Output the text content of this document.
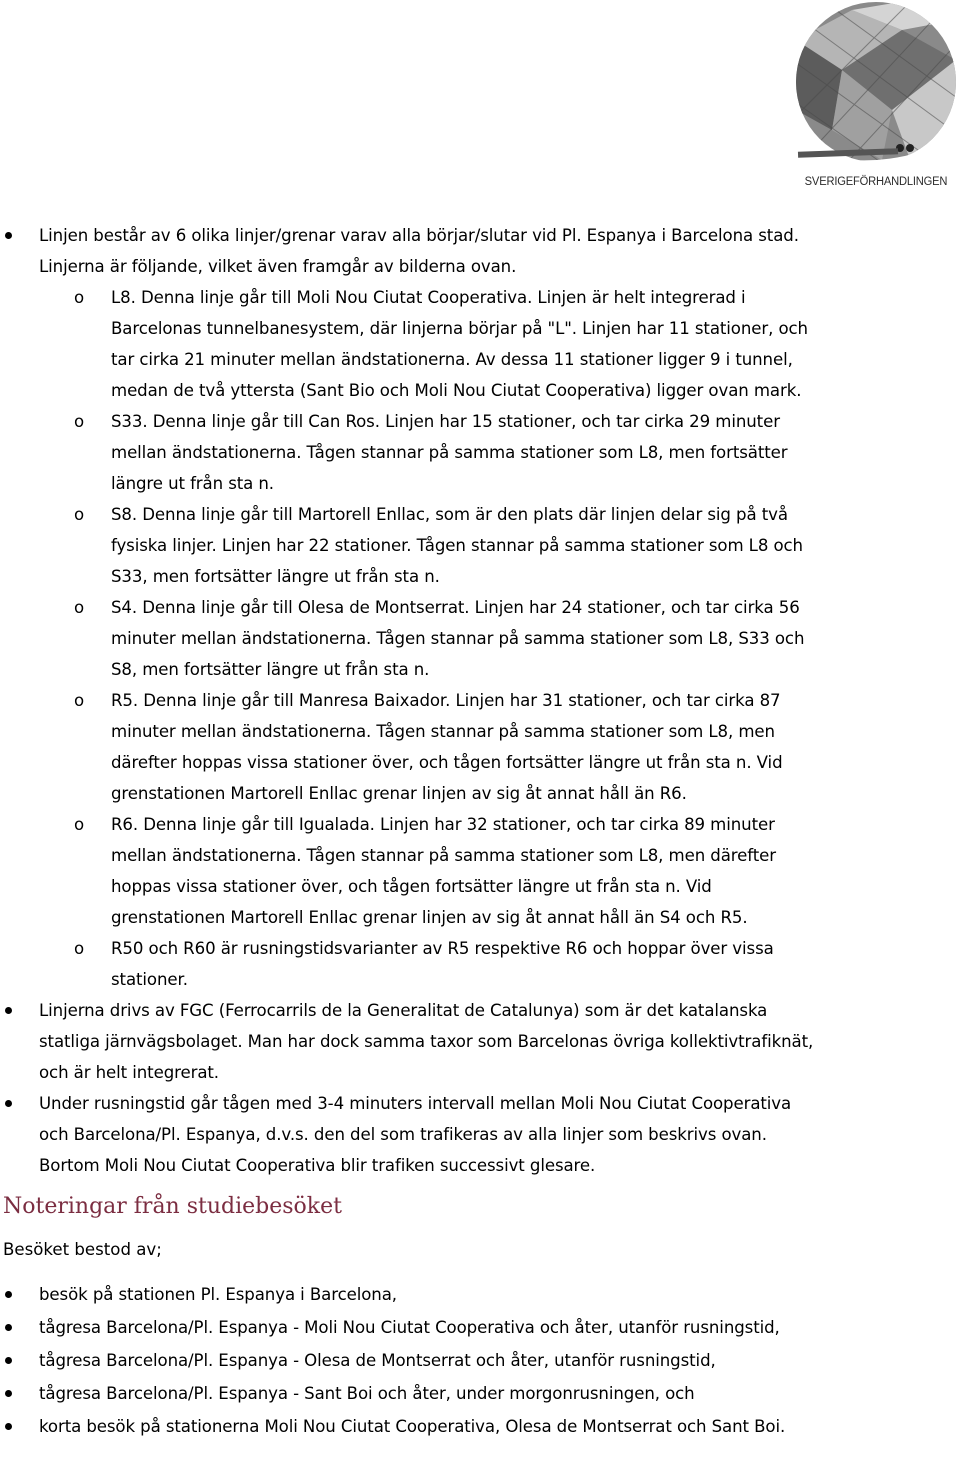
SVERIGEFÖRHANDLINGEN

Linjen består av 6 olika linjer/grenar varav alla börjar/slutar vid Pl. Espanya i Barcelona stad.

Linjerna är följande, vilket även framgår av bilderna ovan.

o	L8. Denna linje går till Moli Nou Ciutat Cooperativa. Linjen är helt integrerad i

Barcelonas tunnelbanesystem, där linjerna börjar på "L". Linjen har 11 stationer, och

tar cirka 21 minuter mellan ändstationerna. Av dessa 11 stationer ligger 9 i tunnel,

medan de två yttersta (Sant Bio och Moli Nou Ciutat Cooperativa) ligger ovan mark.

o	S33. Denna linje går till Can Ros. Linjen har 15 stationer, och tar cirka 29 minuter

mellan ändstationerna. Tågen stannar på samma stationer som L8, men fortsätter

längre ut från sta n.

o	S8. Denna linje går till Martorell Enllac, som är den plats där linjen delar sig på två

fysiska linjer. Linjen har 22 stationer. Tågen stannar på samma stationer som L8 och

S33, men fortsätter längre ut från sta n.

o	S4. Denna linje går till Olesa de Montserrat. Linjen har 24 stationer, och tar cirka 56

minuter mellan ändstationerna. Tågen stannar på samma stationer som L8, S33 och

S8, men fortsätter längre ut från sta n.

o	R5. Denna linje går till Manresa Baixador. Linjen har 31 stationer, och tar cirka 87

minuter mellan ändstationerna. Tågen stannar på samma stationer som L8, men

därefter hoppas vissa stationer över, och tågen fortsätter längre ut från sta n. Vid

grenstationen Martorell Enllac grenar linjen av sig åt annat håll än R6.

o	R6. Denna linje går till Igualada. Linjen har 32 stationer, och tar cirka 89 minuter

mellan ändstationerna. Tågen stannar på samma stationer som L8, men därefter

hoppas vissa stationer över, och tågen fortsätter längre ut från sta n. Vid

grenstationen Martorell Enllac grenar linjen av sig åt annat håll än S4 och R5.

o	R50 och R60 är rusningstidsvarianter av R5 respektive R6 och hoppar över vissa

stationer.

Linjerna drivs av FGC (Ferrocarrils de la Generalitat de Catalunya) som är det katalanska

statliga järnvägsbolaget. Man har dock samma taxor som Barcelonas övriga kollektivtrafiknät,

och är helt integrerat.

Under rusningstid går tågen med 3-4 minuters intervall mellan Moli Nou Ciutat Cooperativa

och Barcelona/Pl. Espanya, d.v.s. den del som trafikeras av alla linjer som beskrivs ovan.

Bortom Moli Nou Ciutat Cooperativa blir trafiken successivt glesare.

Noteringar från studiebesöket

Besöket bestod av;

besök på stationen Pl. Espanya i Barcelona,

tågresa Barcelona/Pl. Espanya - Moli Nou Ciutat Cooperativa och åter, utanför rusningstid,

tågresa Barcelona/Pl. Espanya - Olesa de Montserrat och åter, utanför rusningstid,

tågresa Barcelona/Pl. Espanya - Sant Boi och åter, under morgonrusningen, och

korta besök på stationerna Moli Nou Ciutat Cooperativa, Olesa de Montserrat och Sant Boi.
